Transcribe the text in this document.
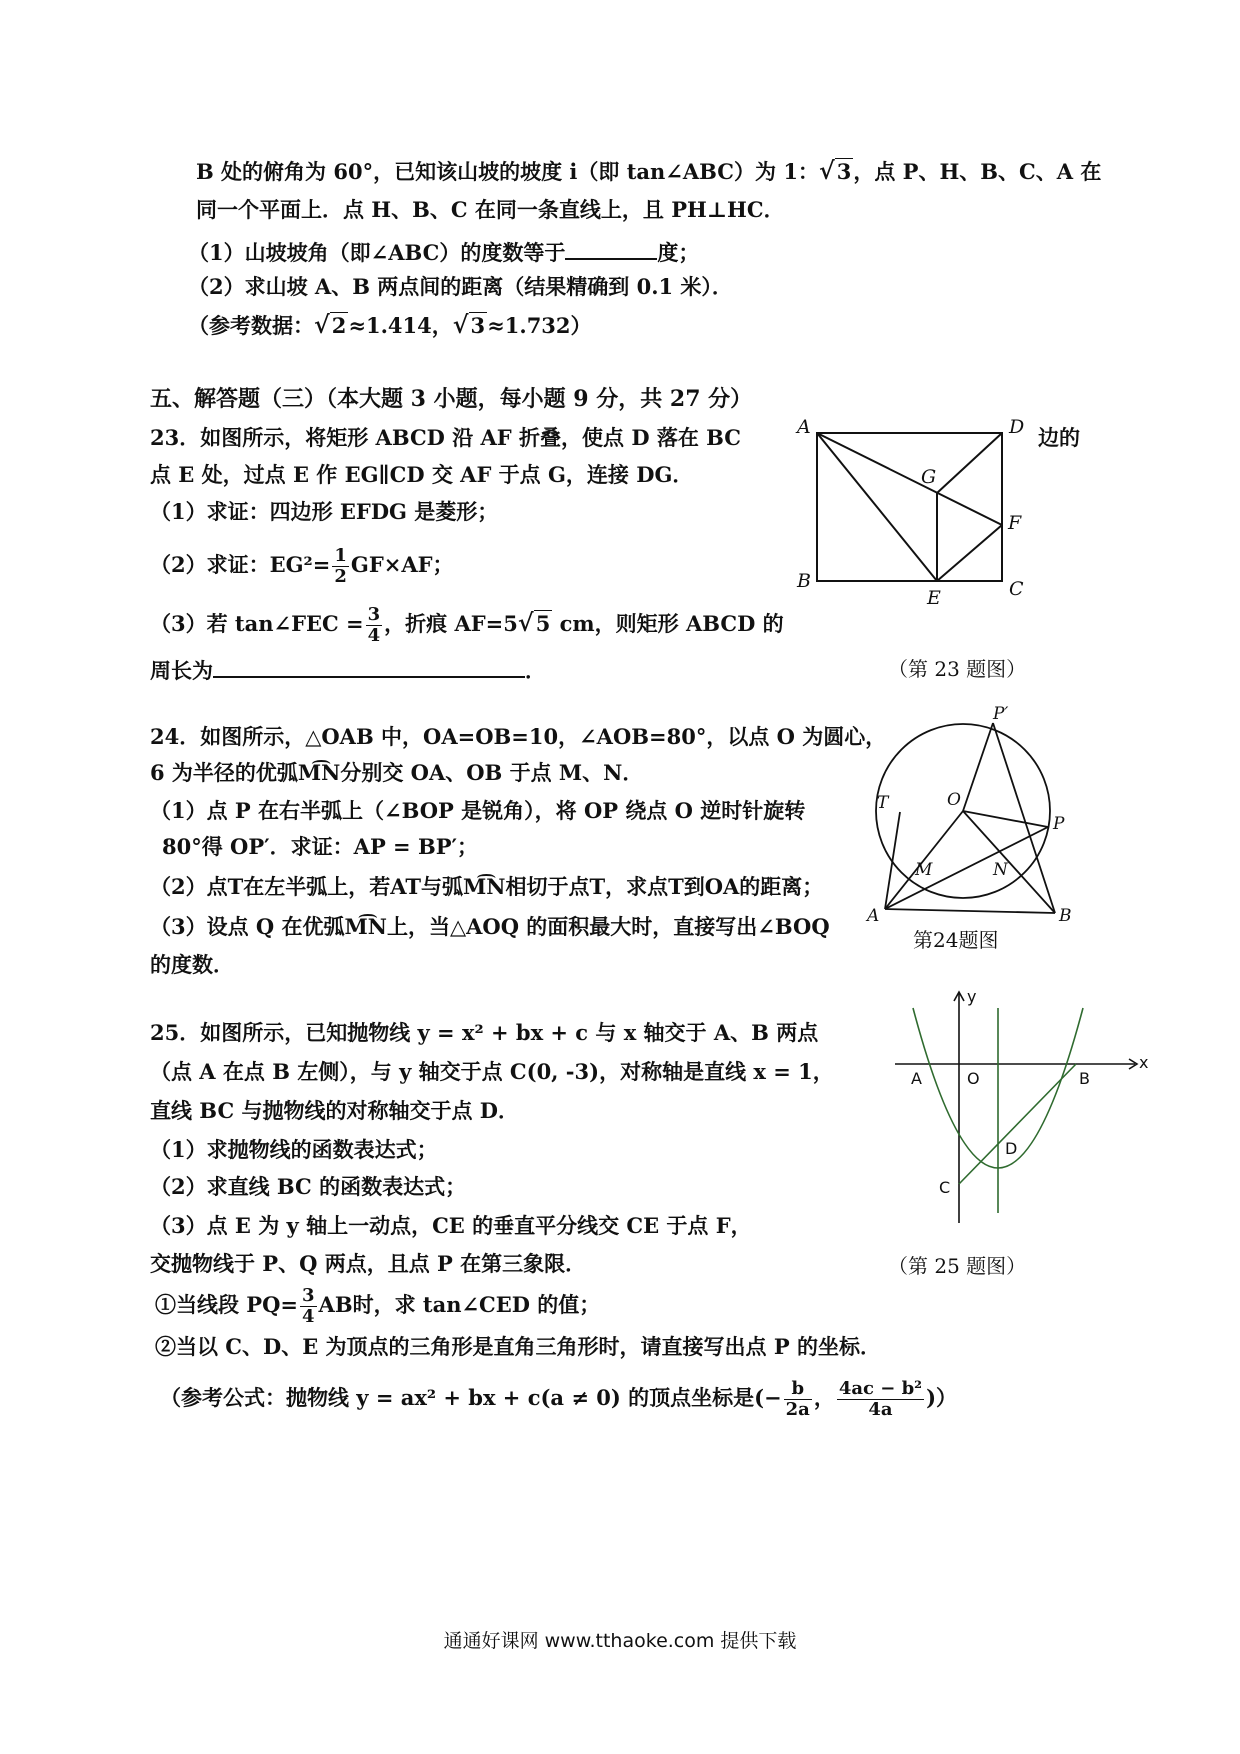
B 处的俯角为 60°，已知该山坡的坡度 i（即 tan∠ABC）为 1：√3，点 P、H、B、C、A 在
同一个平面上．点 H、B、C 在同一条直线上，且 PH⊥HC．
（1）山坡坡角（即∠ABC）的度数等于	度；
（2）求山坡 A、B 两点间的距离（结果精确到 0.1 米）．
（参考数据：√2≈1.414，√3≈1.732）
五、解答题（三）（本大题 3 小题，每小题 9 分，共 27 分）
23．如图所示，将矩形 ABCD 沿 AF 折叠，使点 D 落在 BC	边的
点 E 处，过点 E 作 EG∥CD 交 AF 于点 G，连接 DG．
（1）求证：四边形 EFDG 是菱形；
（2）求证：$EG^2= \frac{1}{2} GF\times AF$；
（3）若 tan∠FEC = $\frac{3}{4}$ ，折痕 AF=5√5 cm，则矩形 ABCD 的
周长为	．
A	D
B	C
E
F
G
（第 23 题图）
24．如图所示，△OAB 中，OA=OB=10，∠AOB=80°，以点 O 为圆心，
6 为半径的优弧M͡N分别交 OA、OB 于点 M、N．
（1）点 P 在右半弧上（∠BOP 是锐角），将 OP 绕点 O 逆时针旋转
80°得 OP′．求证：AP = BP′；
（2）点T在左半弧上，若AT与弧M͡N相切于点T，求点T到OA的距离；
（3）设点 Q 在优弧M͡N上，当△AOQ 的面积最大时，直接写出∠BOQ
的度数．
A	B
O
M	N
P
P′
T
第24题图
25．如图所示，已知抛物线 y = x² + bx + c 与 x 轴交于 A、B 两点
（点 A 在点 B 左侧），与 y 轴交于点 C(0, -3)，对称轴是直线 x = 1，
直线 BC 与抛物线的对称轴交于点 D．
（1）求抛物线的函数表达式；
（2）求直线 BC 的函数表达式；
（3）点 E 为 y 轴上一动点，CE 的垂直平分线交 CE 于点 F，
交抛物线于 P、Q 两点，且点 P 在第三象限．
①当线段 $PQ= \frac{3}{4}$ AB时，求 tan∠CED 的值；
②当以 C、D、E 为顶点的三角形是直角三角形时，请直接写出点 P 的坐标．
（参考公式：抛物线 y = ax² + bx + c(a ≠ 0) 的顶点坐标是(− $\frac{b}{2a}$ ， $\frac{\text{4ac − b²}}{4a}$ )）
A	O	B
C
D
x
y
（第 25 题图）
通通好课网 www.tthaoke.com 提供下载
